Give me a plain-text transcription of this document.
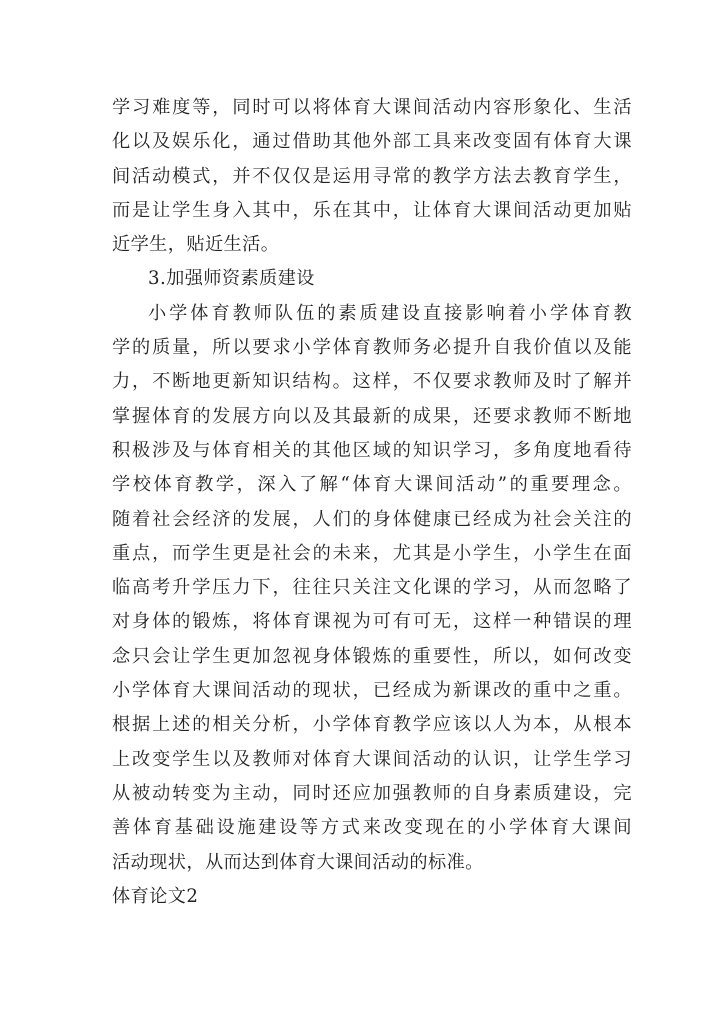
学习难度等，同时可以将体育大课间活动内容形象化、生活
化以及娱乐化，通过借助其他外部工具来改变固有体育大课
间活动模式，并不仅仅是运用寻常的教学方法去教育学生，
而是让学生身入其中，乐在其中，让体育大课间活动更加贴
近学生，贴近生活。
3.加强师资素质建设
小学体育教师队伍的素质建设直接影响着小学体育教
学的质量，所以要求小学体育教师务必提升自我价值以及能
力，不断地更新知识结构。这样，不仅要求教师及时了解并
掌握体育的发展方向以及其最新的成果，还要求教师不断地
积极涉及与体育相关的其他区域的知识学习，多角度地看待
学校体育教学，深入了解“体育大课间活动”的重要理念。
随着社会经济的发展，人们的身体健康已经成为社会关注的
重点，而学生更是社会的未来，尤其是小学生，小学生在面
临高考升学压力下，往往只关注文化课的学习，从而忽略了
对身体的锻炼，将体育课视为可有可无，这样一种错误的理
念只会让学生更加忽视身体锻炼的重要性，所以，如何改变
小学体育大课间活动的现状，已经成为新课改的重中之重。
根据上述的相关分析，小学体育教学应该以人为本，从根本
上改变学生以及教师对体育大课间活动的认识，让学生学习
从被动转变为主动，同时还应加强教师的自身素质建设，完
善体育基础设施建设等方式来改变现在的小学体育大课间
活动现状，从而达到体育大课间活动的标准。
体育论文2
